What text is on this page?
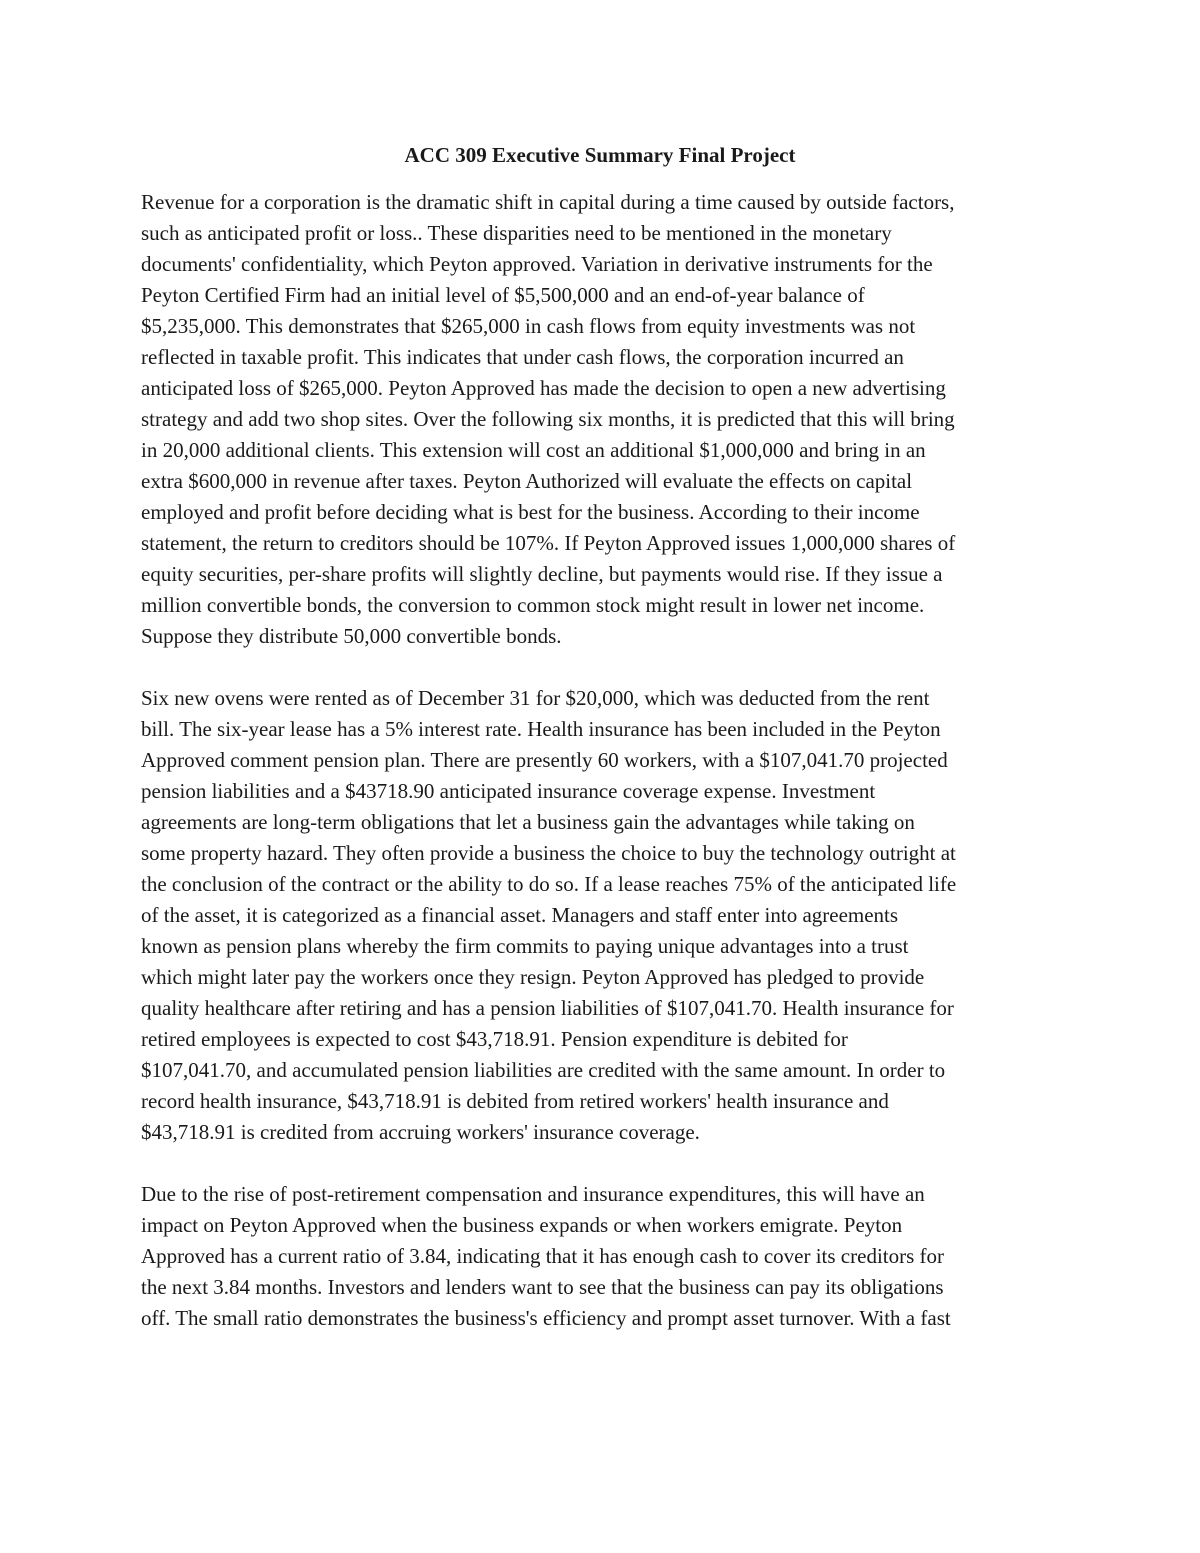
ACC 309 Executive Summary Final Project
Revenue for a corporation is the dramatic shift in capital during a time caused by outside factors,
such as anticipated profit or loss.. These disparities need to be mentioned in the monetary
documents' confidentiality, which Peyton approved. Variation in derivative instruments for the
Peyton Certified Firm had an initial level of $5,500,000 and an end-of-year balance of
$5,235,000. This demonstrates that $265,000 in cash flows from equity investments was not
reflected in taxable profit. This indicates that under cash flows, the corporation incurred an
anticipated loss of $265,000. Peyton Approved has made the decision to open a new advertising
strategy and add two shop sites. Over the following six months, it is predicted that this will bring
in 20,000 additional clients. This extension will cost an additional $1,000,000 and bring in an
extra $600,000 in revenue after taxes. Peyton Authorized will evaluate the effects on capital
employed and profit before deciding what is best for the business. According to their income
statement, the return to creditors should be 107%. If Peyton Approved issues 1,000,000 shares of
equity securities, per-share profits will slightly decline, but payments would rise. If they issue a
million convertible bonds, the conversion to common stock might result in lower net income.
Suppose they distribute 50,000 convertible bonds.
Six new ovens were rented as of December 31 for $20,000, which was deducted from the rent
bill. The six-year lease has a 5% interest rate. Health insurance has been included in the Peyton
Approved comment pension plan. There are presently 60 workers, with a $107,041.70 projected
pension liabilities and a $43718.90 anticipated insurance coverage expense. Investment
agreements are long-term obligations that let a business gain the advantages while taking on
some property hazard. They often provide a business the choice to buy the technology outright at
the conclusion of the contract or the ability to do so. If a lease reaches 75% of the anticipated life
of the asset, it is categorized as a financial asset. Managers and staff enter into agreements
known as pension plans whereby the firm commits to paying unique advantages into a trust
which might later pay the workers once they resign. Peyton Approved has pledged to provide
quality healthcare after retiring and has a pension liabilities of $107,041.70. Health insurance for
retired employees is expected to cost $43,718.91. Pension expenditure is debited for
$107,041.70, and accumulated pension liabilities are credited with the same amount. In order to
record health insurance, $43,718.91 is debited from retired workers' health insurance and
$43,718.91 is credited from accruing workers' insurance coverage.
Due to the rise of post-retirement compensation and insurance expenditures, this will have an
impact on Peyton Approved when the business expands or when workers emigrate. Peyton
Approved has a current ratio of 3.84, indicating that it has enough cash to cover its creditors for
the next 3.84 months. Investors and lenders want to see that the business can pay its obligations
off. The small ratio demonstrates the business's efficiency and prompt asset turnover. With a fast
